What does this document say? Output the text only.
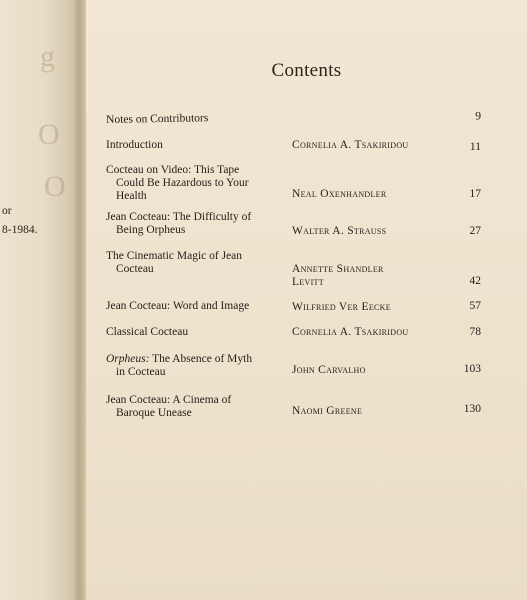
g
O
O
or
8-1984.
Contents
Notes on Contributors	9
Introduction	Cornelia A. Tsakiridou	11
Cocteau on Video: This Tape
Could Be Hazardous to Your
Health	Neal Oxenhandler	17
Jean Cocteau: The Difficulty of
Being Orpheus	Walter A. Strauss	27
The Cinematic Magic of Jean
Cocteau	Annette Shandler
Levitt	42
Jean Cocteau: Word and Image	Wilfried Ver Eecke	57
Classical Cocteau	Cornelia A. Tsakiridou	78
Orpheus: The Absence of Myth
in Cocteau	John Carvalho	103
Jean Cocteau: A Cinema of
Baroque Unease	Naomi Greene	130
